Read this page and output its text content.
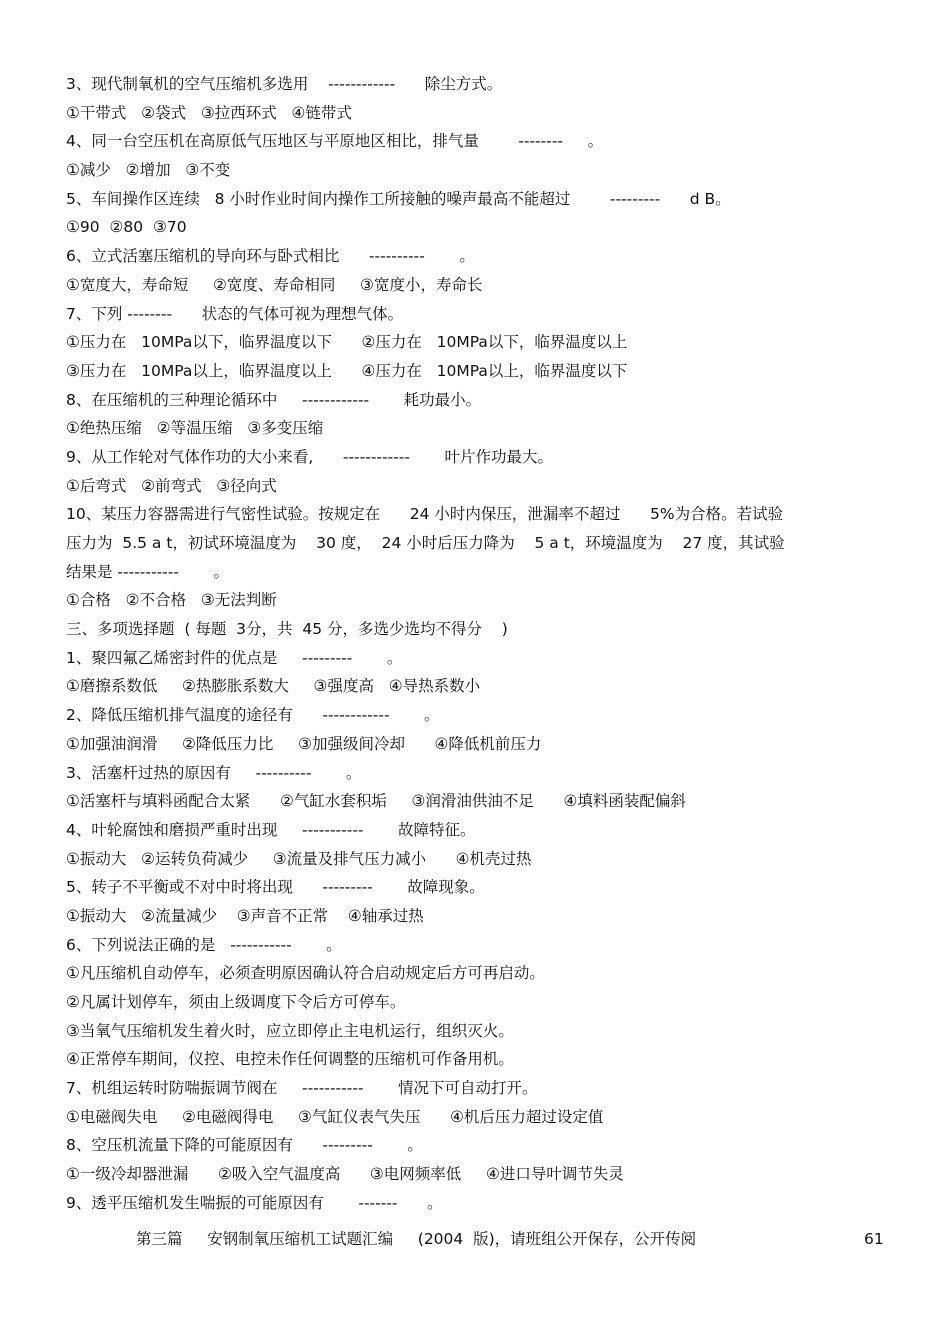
3、现代制氧机的空气压缩机多选用    ------------      除尘方式。
①干带式   ②袋式   ③拉西环式   ④链带式
4、同一台空压机在高原低气压地区与平原地区相比，排气量        --------     。
①减少   ②增加   ③不变
5、车间操作区连续   8 小时作业时间内操作工所接触的噪声最高不能超过        ---------      d B。
①90  ②80  ③70
6、立式活塞压缩机的导向环与卧式相比      ----------       。
①宽度大，寿命短     ②宽度、寿命相同     ③宽度小，寿命长
7、下列 --------      状态的气体可视为理想气体。
①压力在   10MPa以下，临界温度以下      ②压力在   10MPa以下，临界温度以上
③压力在   10MPa以上，临界温度以上      ④压力在   10MPa以上，临界温度以下
8、在压缩机的三种理论循环中     ------------       耗功最小。
①绝热压缩   ②等温压缩   ③多变压缩
9、从工作轮对气体作功的大小来看,      ------------       叶片作功最大。
①后弯式   ②前弯式   ③径向式
10、某压力容器需进行气密性试验。按规定在      24 小时内保压，泄漏率不超过      5%为合格。若试验
压力为  5.5 a t，初试环境温度为    30 度，  24 小时后压力降为    5 a t，环境温度为    27 度，其试验
结果是 -----------       。
①合格   ②不合格   ③无法判断
三、多项选择题  ( 每题  3分，共  45 分，多选少选均不得分    )
1、聚四氟乙烯密封件的优点是     ---------       。
①磨擦系数低     ②热膨胀系数大     ③强度高   ④导热系数小
2、降低压缩机排气温度的途径有      ------------       。
①加强油润滑     ②降低压力比     ③加强级间冷却      ④降低机前压力
3、活塞杆过热的原因有     ----------       。
①活塞杆与填料函配合太紧      ②气缸水套积垢     ③润滑油供油不足      ④填料函装配偏斜
4、叶轮腐蚀和磨损严重时出现     -----------       故障特征。
①振动大   ②运转负荷减少     ③流量及排气压力减小      ④机壳过热
5、转子不平衡或不对中时将出现      ---------       故障现象。
①振动大   ②流量减少    ③声音不正常    ④轴承过热
6、下列说法正确的是   -----------       。
①凡压缩机自动停车，必须查明原因确认符合启动规定后方可再启动。
②凡属计划停车，须由上级调度下令后方可停车。
③当氧气压缩机发生着火时，应立即停止主电机运行，组织灭火。
④正常停车期间，仪控、电控未作任何调整的压缩机可作备用机。
7、机组运转时防喘振调节阀在     -----------       情况下可自动打开。
①电磁阀失电     ②电磁阀得电     ③气缸仪表气失压      ④机后压力超过设定值
8、空压机流量下降的可能原因有      ---------       。
①一级冷却器泄漏      ②吸入空气温度高      ③电网频率低     ④进口导叶调节失灵
9、透平压缩机发生喘振的可能原因有       -------      。

第三篇     安钢制氧压缩机工试题汇编     (2004  版)，请班组公开保存，公开传阅

	61
